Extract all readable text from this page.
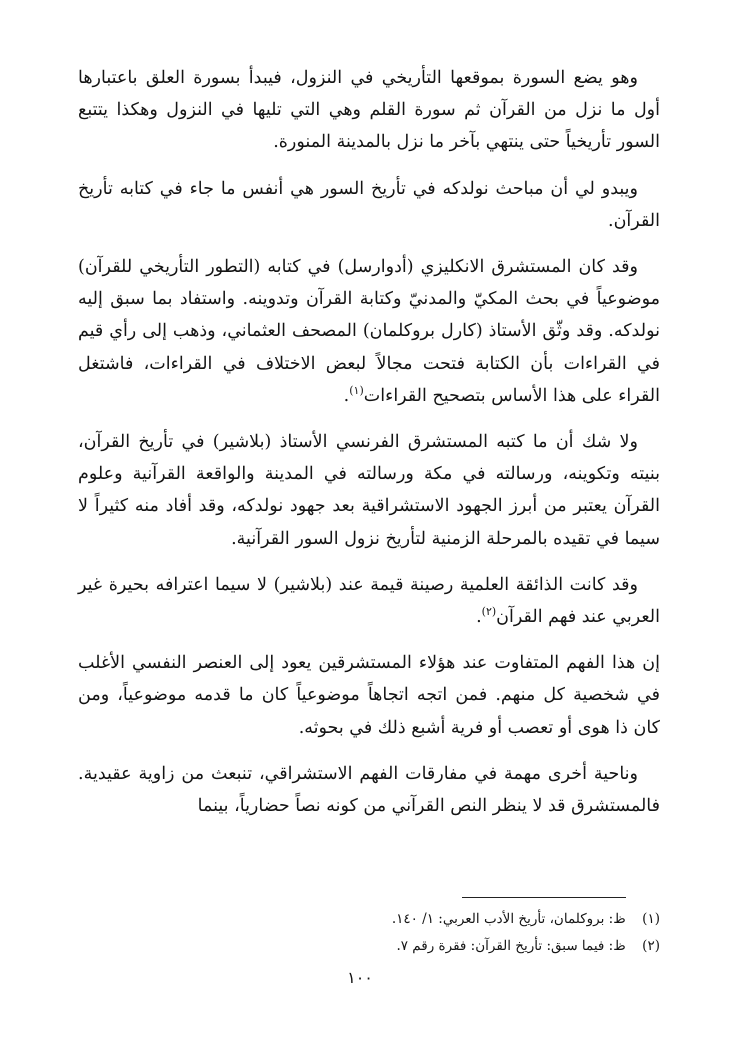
وهو يضع السورة بموقعها التأريخي في النزول، فيبدأ بسورة العلق باعتبارها أول ما نزل من القرآن ثم سورة القلم وهي التي تليها في النزول وهكذا يتتبع السور تأريخياً حتى ينتهي بآخر ما نزل بالمدينة المنورة.

ويبدو لي أن مباحث نولدكه في تأريخ السور هي أنفس ما جاء في كتابه تأريخ القرآن.

وقد كان المستشرق الانكليزي (أدوارسل) في كتابه (التطور التأريخي للقرآن) موضوعياً في بحث المكيّ والمدنيّ وكتابة القرآن وتدوينه. واستفاد بما سبق إليه نولدكه. وقد وثّق الأستاذ (كارل بروكلمان) المصحف العثماني، وذهب إلى رأي قيم في القراءات بأن الكتابة فتحت مجالاً لبعض الاختلاف في القراءات، فاشتغل القراء على هذا الأساس بتصحيح القراءات$^{(١)}$.

ولا شك أن ما كتبه المستشرق الفرنسي الأستاذ (بلاشير) في تأريخ القرآن، بنيته وتكوينه، ورسالته في مكة ورسالته في المدينة والواقعة القرآنية وعلوم القرآن يعتبر من أبرز الجهود الاستشراقية بعد جهود نولدكه، وقد أفاد منه كثيراً لا سيما في تقيده بالمرحلة الزمنية لتأريخ نزول السور القرآنية.

وقد كانت الذائقة العلمية رصينة قيمة عند (بلاشير) لا سيما اعترافه بحيرة غير العربي عند فهم القرآن$^{(٢)}$.

إن هذا الفهم المتفاوت عند هؤلاء المستشرقين يعود إلى العنصر النفسي الأغلب في شخصية كل منهم. فمن اتجه اتجاهاً موضوعياً كان ما قدمه موضوعياً، ومن كان ذا هوى أو تعصب أو فرية أشبع ذلك في بحوثه.

وناحية أخرى مهمة في مفارقات الفهم الاستشراقي، تنبعث من زاوية عقيدية. فالمستشرق قد لا ينظر النص القرآني من كونه نصاً حضارياً، بينما

(١) ظ: بروكلمان، تأريخ الأدب العربي: ١/ ١٤٠.
(٢) ظ: فيما سبق: تأريخ القرآن: فقرة رقم ٧.
١٠٠
